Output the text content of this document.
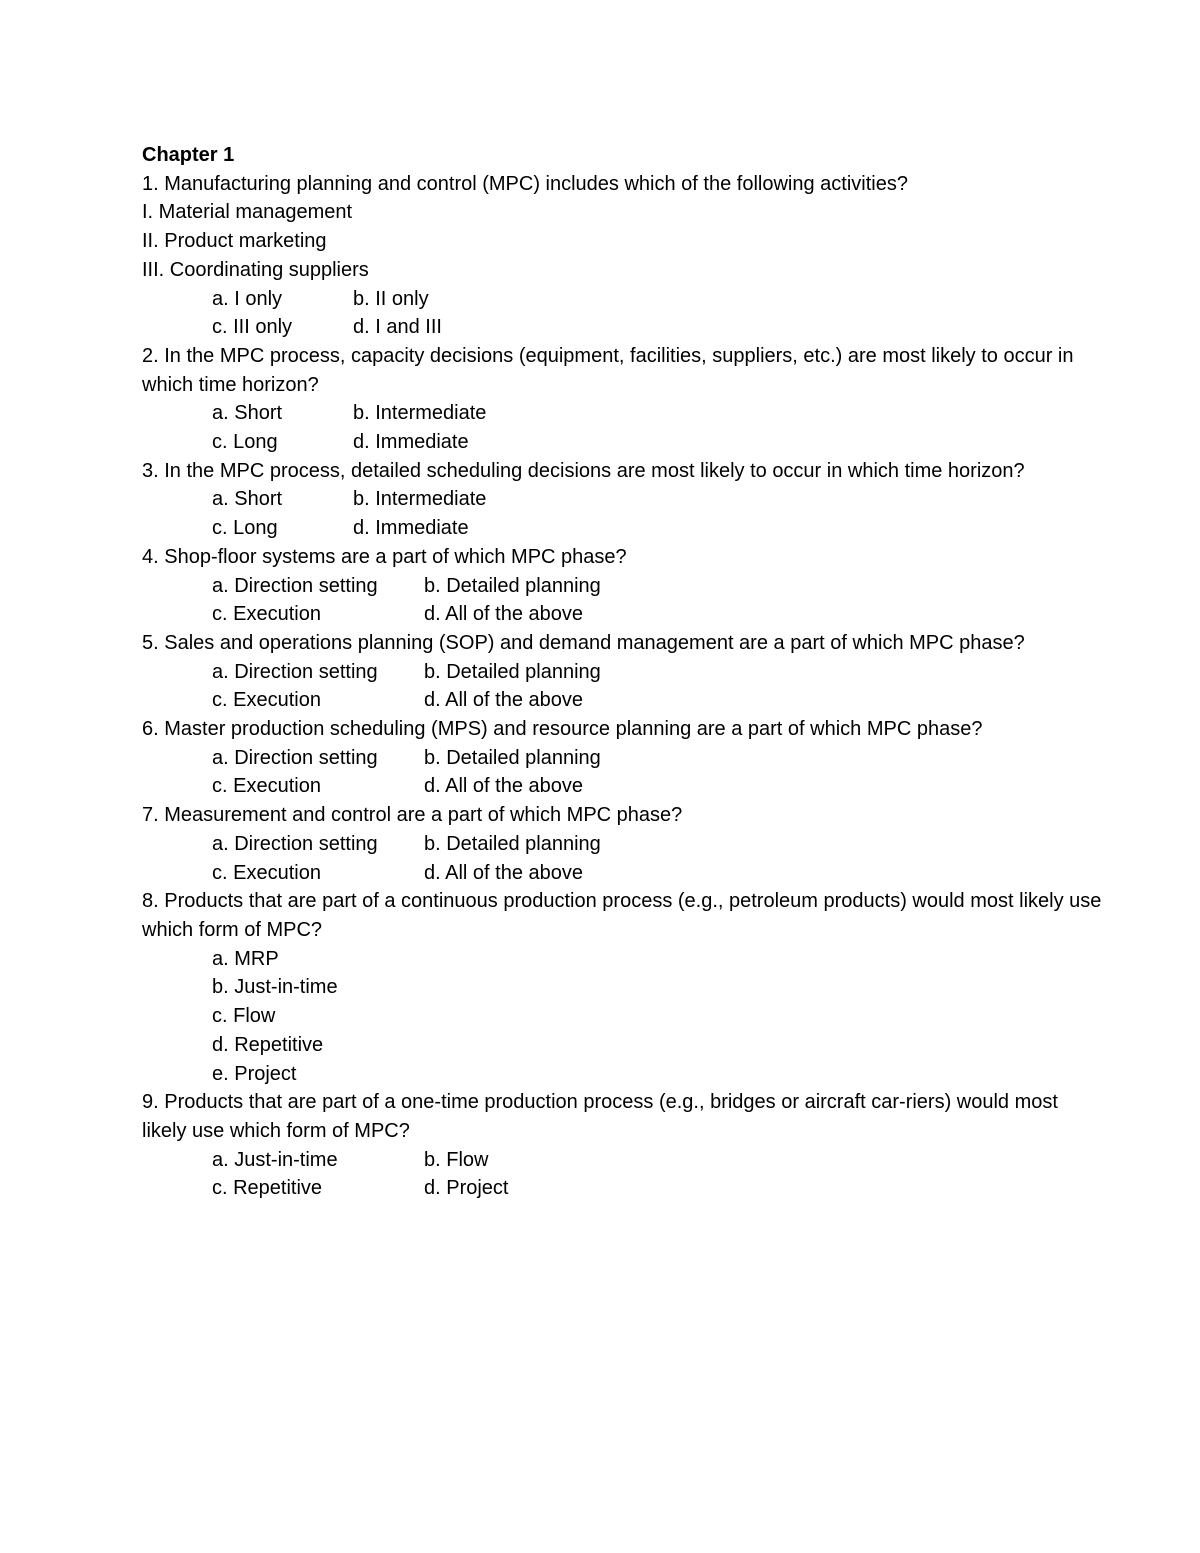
Chapter 1
1. Manufacturing planning and control (MPC) includes which of the following activities?
I. Material management
II. Product marketing
III. Coordinating suppliers
a. I only	b. II only
c. III only	d. I and III
2. In the MPC process, capacity decisions (equipment, facilities, suppliers, etc.) are most likely to occur in which time horizon?
a. Short	b. Intermediate
c. Long	d. Immediate
3. In the MPC process, detailed scheduling decisions are most likely to occur in which time horizon?
a. Short	b. Intermediate
c. Long	d. Immediate
4. Shop-floor systems are a part of which MPC phase?
a. Direction setting	b. Detailed planning
c. Execution	d. All of the above
5. Sales and operations planning (SOP) and demand management are a part of which MPC phase?
a. Direction setting	b. Detailed planning
c. Execution	d. All of the above
6. Master production scheduling (MPS) and resource planning are a part of which MPC phase?
a. Direction setting	b. Detailed planning
c. Execution	d. All of the above
7. Measurement and control are a part of which MPC phase?
a. Direction setting	b. Detailed planning
c. Execution	d. All of the above
8. Products that are part of a continuous production process (e.g., petroleum products) would most likely use which form of MPC?
a. MRP
b. Just-in-time
c. Flow
d. Repetitive
e. Project
9. Products that are part of a one-time production process (e.g., bridges or aircraft car-riers) would most likely use which form of MPC?
a. Just-in-time	b. Flow
c. Repetitive	d. Project
